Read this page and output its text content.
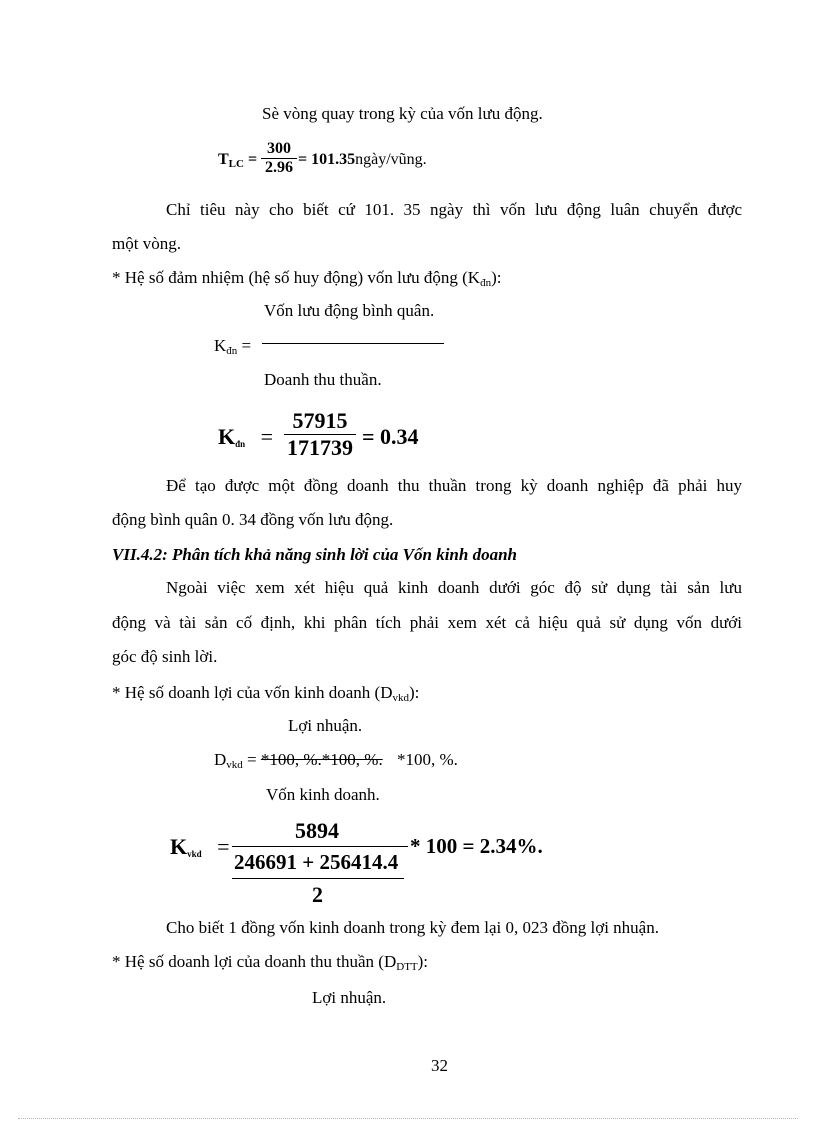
Sè vòng quay trong kỳ của vốn lưu động.
$T_{LC}$ =
300
2.96 = 101.35ngày/vũng.
Chỉ tiêu này cho biết cứ 101. 35 ngày thì vốn lưu động luân chuyển được
một vòng.
* Hệ số đảm nhiệm (hệ số huy động) vốn lưu động $(K_{đn})$:
Vốn lưu động bình quân.
$K_{đn}$ =
Doanh thu thuần.
$K_{đn}$ =
57915
171739 = 0.34
Để tạo được một đồng doanh thu thuần trong kỳ doanh nghiệp đã phải huy
động bình quân 0. 34 đồng vốn lưu động.
VII.4.2: Phân tích khả năng sinh lời của Vốn kinh doanh
Ngoài việc xem xét hiệu quả kinh doanh dưới góc độ sử dụng tài sản lưu
động và tài sản cố định, khi phân tích phải xem xét cả hiệu quả sử dụng vốn dưới
góc độ sinh lời.
* Hệ số doanh lợi của vốn kinh doanh $(D_{vkd})$:
Lợi nhuận.
$D_{vkd} = *100$, %.*100, %. *100, %.
Vốn kinh doanh.
$K_{vkd}$ =
5894
246691 + 256414.4
2
* 100 = 2.34%.
Cho biết 1 đồng vốn kinh doanh trong kỳ đem lại 0, 023 đồng lợi nhuận.
* Hệ số doanh lợi của doanh thu thuần $(D_{DTT})$:
Lợi nhuận.
32
